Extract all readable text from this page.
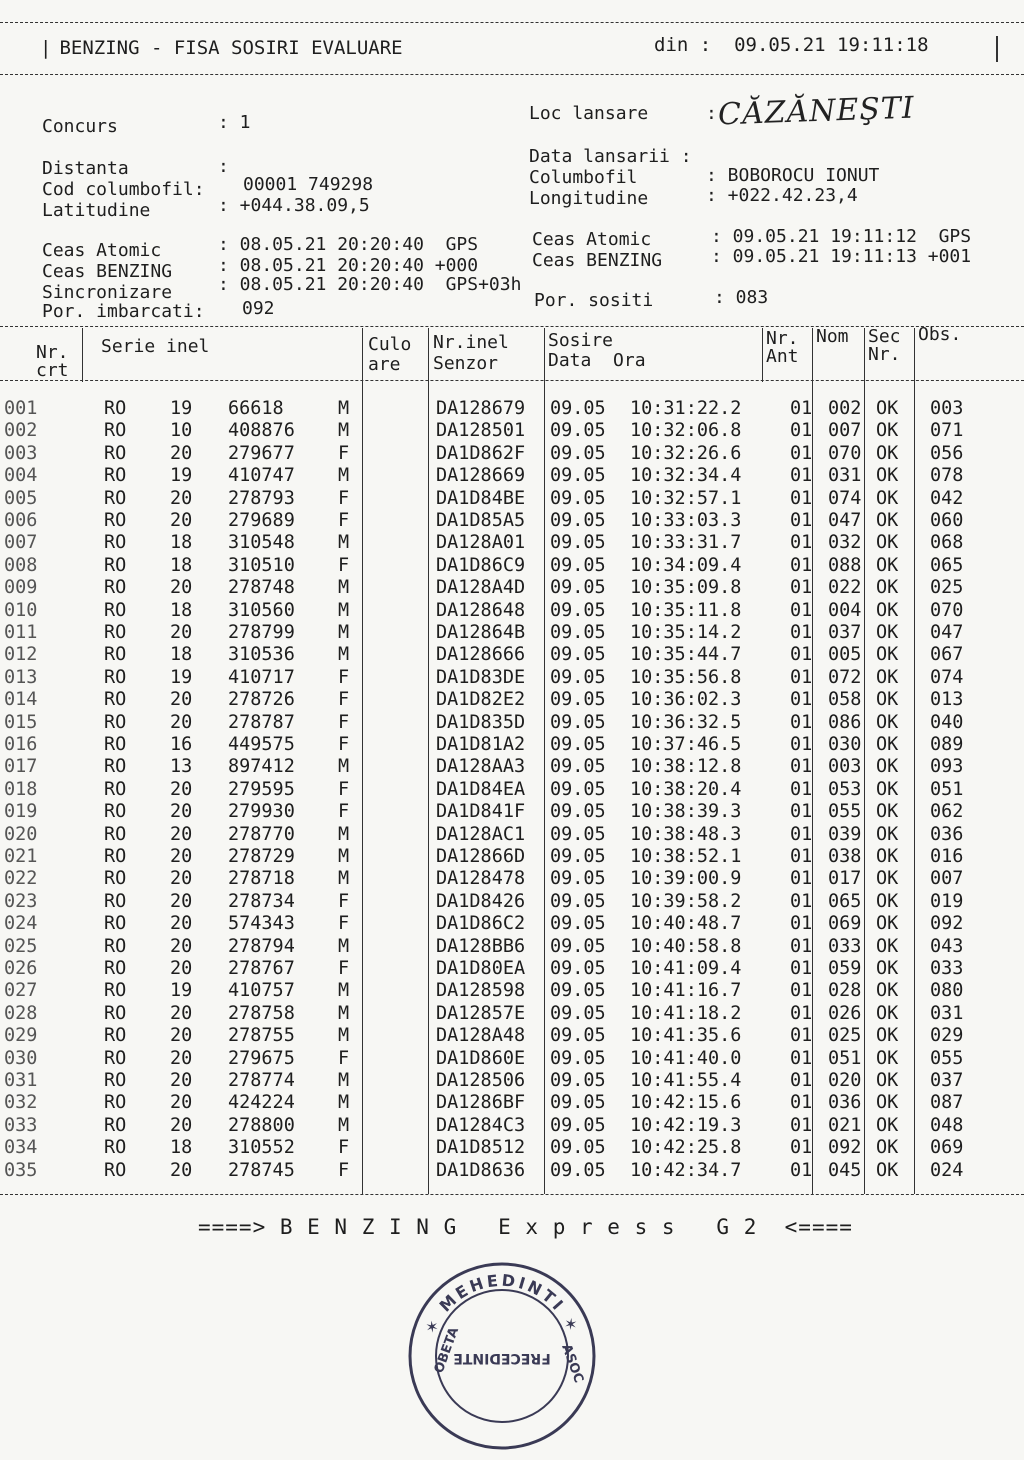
| BENZING - FISA SOSIRI EVALUARE	din : 09.05.21 19:11:18
Concurs	: 1
Distanta	:
Cod columbofil: 00001 749298
Latitudine	: +044.38.09,5
Ceas Atomic	: 08.05.21 20:20:40  GPS
Ceas BENZING	: 08.05.21 20:20:40 +000
Sincronizare	: 08.05.21 20:20:40  GPS+03h
Por. imbarcati: 092
Loc lansare	: CĂZĂNEŞTI
Data lansarii :
Columbofil	: BOBOROCU IONUT
Longitudine	: +022.42.23,4
Ceas Atomic	: 09.05.21 19:11:12  GPS
Ceas BENZING	: 09.05.21 19:11:13 +001
Por. sositi	: 083
Nr.
crt
Serie inel	Culo
are
Nr.inel
Senzor
Sosire
Data  Ora
Nr.
Ant
Nom Sec
Nr.
Obs.
001	RO 19 66618	M	DA128679 09.05 10:31:22.2	01 002 OK 003
002	RO 10 408876 M	DA128501 09.05 10:32:06.8	01 007 OK 071
003	RO 20 279677 F	DA1D862F 09.05 10:32:26.6	01 070 OK 056
004	RO 19 410747 M	DA128669 09.05 10:32:34.4	01 031 OK 078
005	RO 20 278793 F	DA1D84BE 09.05 10:32:57.1	01 074 OK 042
006	RO 20 279689 F	DA1D85A5 09.05 10:33:03.3	01 047 OK 060
007	RO 18 310548 M	DA128A01 09.05 10:33:31.7	01 032 OK 068
008	RO 18 310510 F	DA1D86C9 09.05 10:34:09.4	01 088 OK 065
009	RO 20 278748 M	DA128A4D 09.05 10:35:09.8	01 022 OK 025
010	RO 18 310560 M	DA128648 09.05 10:35:11.8	01 004 OK 070
011	RO 20 278799 M	DA12864B 09.05 10:35:14.2	01 037 OK 047
012	RO 18 310536 M	DA128666 09.05 10:35:44.7	01 005 OK 067
013	RO 19 410717 F	DA1D83DE 09.05 10:35:56.8	01 072 OK 074
014	RO 20 278726 F	DA1D82E2 09.05 10:36:02.3	01 058 OK 013
015	RO 20 278787 F	DA1D835D 09.05 10:36:32.5	01 086 OK 040
016	RO 16 449575 F	DA1D81A2 09.05 10:37:46.5	01 030 OK 089
017	RO 13 897412 M	DA128AA3 09.05 10:38:12.8	01 003 OK 093
018	RO 20 279595 F	DA1D84EA 09.05 10:38:20.4	01 053 OK 051
019	RO 20 279930 F	DA1D841F 09.05 10:38:39.3	01 055 OK 062
020	RO 20 278770 M	DA128AC1 09.05 10:38:48.3	01 039 OK 036
021	RO 20 278729 M	DA12866D 09.05 10:38:52.1	01 038 OK 016
022	RO 20 278718 M	DA128478 09.05 10:39:00.9	01 017 OK 007
023	RO 20 278734 F	DA1D8426 09.05 10:39:58.2	01 065 OK 019
024	RO 20 574343 F	DA1D86C2 09.05 10:40:48.7	01 069 OK 092
025	RO 20 278794 M	DA128BB6 09.05 10:40:58.8	01 033 OK 043
026	RO 20 278767 F	DA1D80EA 09.05 10:41:09.4	01 059 OK 033
027	RO 19 410757 M	DA128598 09.05 10:41:16.7	01 028 OK 080
028	RO 20 278758 M	DA12857E 09.05 10:41:18.2	01 026 OK 031
029	RO 20 278755 M	DA128A48 09.05 10:41:35.6	01 025 OK 029
030	RO 20 279675 F	DA1D860E 09.05 10:41:40.0	01 051 OK 055
031	RO 20 278774 M	DA128506 09.05 10:41:55.4	01 020 OK 037
032	RO 20 424224 M	DA1286BF 09.05 10:42:15.6	01 036 OK 087
033	RO 20 278800 M	DA1284C3 09.05 10:42:19.3	01 021 OK 048
034	RO 18 310552 F	DA1D8512 09.05 10:42:25.8	01 092 OK 069
035	RO 20 278745 F	DA1D8636 09.05 10:42:34.7	01 045 OK 024
====> B E N Z I N G   E x p r e s s   G 2  <====
✶ MEHEDINTI ✶
OBETA	ASOC
FRECEDINTE
